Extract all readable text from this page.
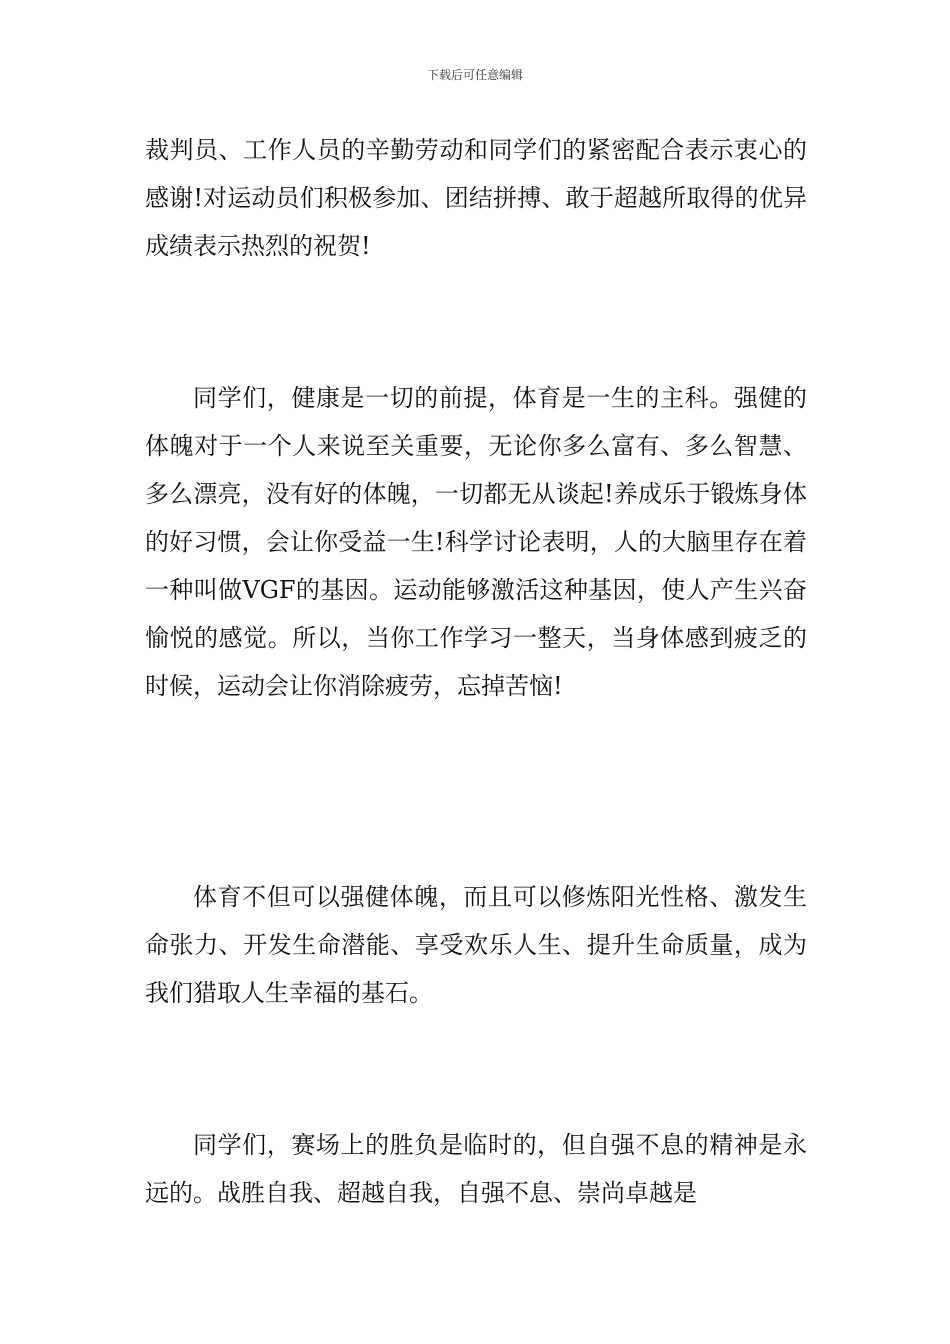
下载后可任意编辑

裁判员、工作人员的辛勤劳动和同学们的紧密配合表示衷心的感谢!对运动员们积极参加、团结拼搏、敢于超越所取得的优异成绩表示热烈的祝贺!

同学们，健康是一切的前提，体育是一生的主科。强健的体魄对于一个人来说至关重要，无论你多么富有、多么智慧、多么漂亮，没有好的体魄，一切都无从谈起!养成乐于锻炼身体的好习惯，会让你受益一生!科学讨论表明，人的大脑里存在着一种叫做VGF的基因。运动能够激活这种基因，使人产生兴奋愉悦的感觉。所以，当你工作学习一整天，当身体感到疲乏的时候，运动会让你消除疲劳，忘掉苦恼!

体育不但可以强健体魄，而且可以修炼阳光性格、激发生命张力、开发生命潜能、享受欢乐人生、提升生命质量，成为我们猎取人生幸福的基石。

同学们，赛场上的胜负是临时的，但自强不息的精神是永远的。战胜自我、超越自我，自强不息、崇尚卓越是
